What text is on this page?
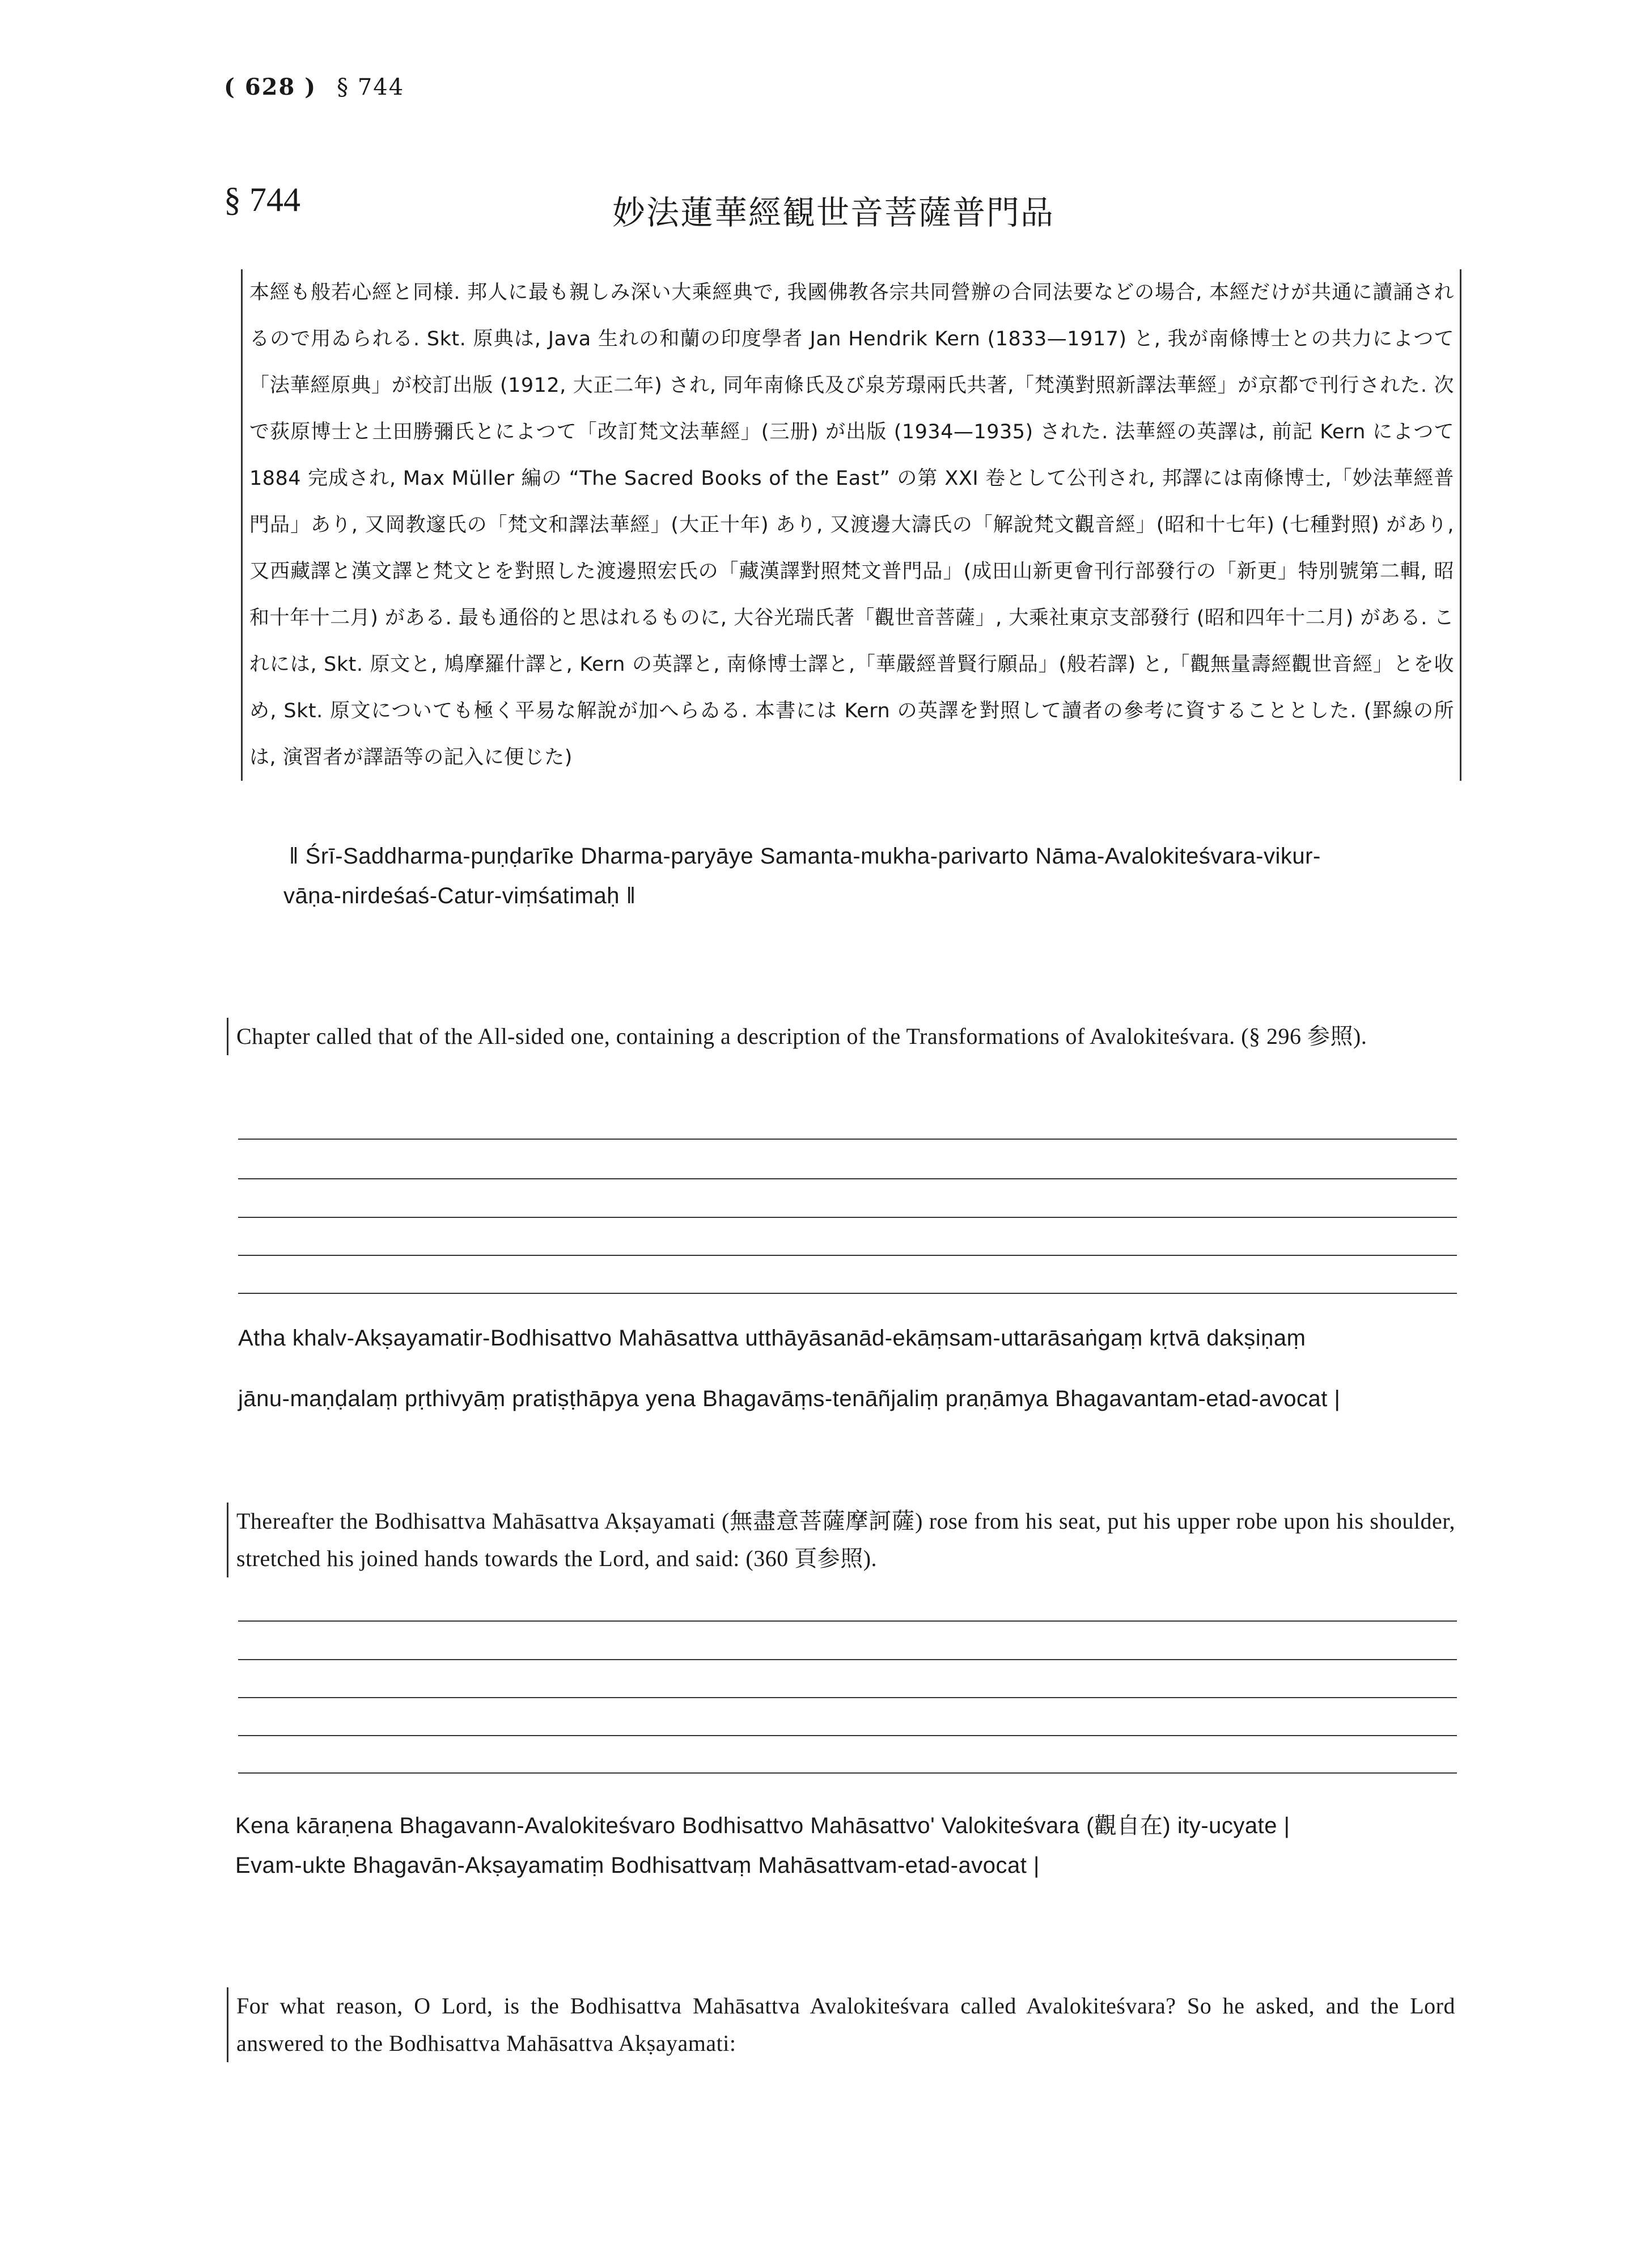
( 628 ) § 744
§ 744	妙法蓮華經観世音菩薩普門品
本經も般若心經と同様. 邦人に最も親しみ深い大乘經典で, 我國佛教各宗共同營辦の合同法要などの場合, 本經だけが共通に讀誦されるので用ゐられる. Skt. 原典は, Java 生れの和蘭の印度學者 Jan Hendrik Kern (1833—1917) と, 我が南條博士との共力によつて「法華經原典」が校訂出版 (1912, 大正二年) され, 同年南條氏及び泉芳璟兩氏共著,「梵漢對照新譯法華經」が京都で刊行された. 次で荻原博士と土田勝彌氏とによつて「改訂梵文法華經」(三册) が出版 (1934—1935) された. 法華經の英譯は, 前記 Kern によつて 1884 完成され, Max Müller 編の “The Sacred Books of the East” の第 XXI 卷として公刊され, 邦譯には南條博士,「妙法華經普門品」あり, 又岡教邃氏の「梵文和譯法華經」(大正十年) あり, 又渡邊大濤氏の「解說梵文觀音經」(昭和十七年) (七種對照) があり, 又西藏譯と漢文譯と梵文とを對照した渡邊照宏氏の「藏漢譯對照梵文普門品」(成田山新更會刊行部發行の「新更」特別號第二輯, 昭和十年十二月) がある. 最も通俗的と思はれるものに, 大谷光瑞氏著「觀世音菩薩」, 大乘社東京支部發行 (昭和四年十二月) がある. これには, Skt. 原文と, 鳩摩羅什譯と, Kern の英譯と, 南條博士譯と,「華嚴經普賢行願品」(般若譯) と,「觀無量壽經觀世音經」とを收め, Skt. 原文についても極く平易な解說が加へらゐる. 本書には Kern の英譯を對照して讀者の參考に資することとした. (罫線の所は, 演習者が譯語等の記入に便じた)
‖ Śrī-Saddharma-puṇḍarīke Dharma-paryāye Samanta-mukha-parivarto Nāma-Avalokiteśvara-vikur-
vāṇa-nirdeśaś-Catur-viṃśatimaḥ ‖
Chapter called that of the All-sided one, containing a description of the Transformations of Avalokiteśvara. (§ 296 参照).
Atha khalv-Akṣayamatir-Bodhisattvo Mahāsattva utthāyāsanād-ekāṃsam-uttarāsaṅgaṃ kṛtvā dakṣiṇaṃ
jānu-maṇḍalaṃ pṛthivyāṃ pratiṣṭhāpya yena Bhagavāṃs-tenāñjaliṃ praṇāmya Bhagavantam-etad-avocat |
Thereafter the Bodhisattva Mahāsattva Akṣayamati (無盡意菩薩摩訶薩) rose from his seat, put his upper robe upon his shoulder, stretched his joined hands towards the Lord, and said: (360 頁参照).
Kena kāraṇena Bhagavann-Avalokiteśvaro Bodhisattvo Mahāsattvo' Valokiteśvara (觀自在) ity-ucyate |
Evam-ukte Bhagavān-Akṣayamatiṃ Bodhisattvaṃ Mahāsattvam-etad-avocat |
For what reason, O Lord, is the Bodhisattva Mahāsattva Avalokiteśvara called Avalokiteśvara? So he asked, and the Lord answered to the Bodhisattva Mahāsattva Akṣayamati:
